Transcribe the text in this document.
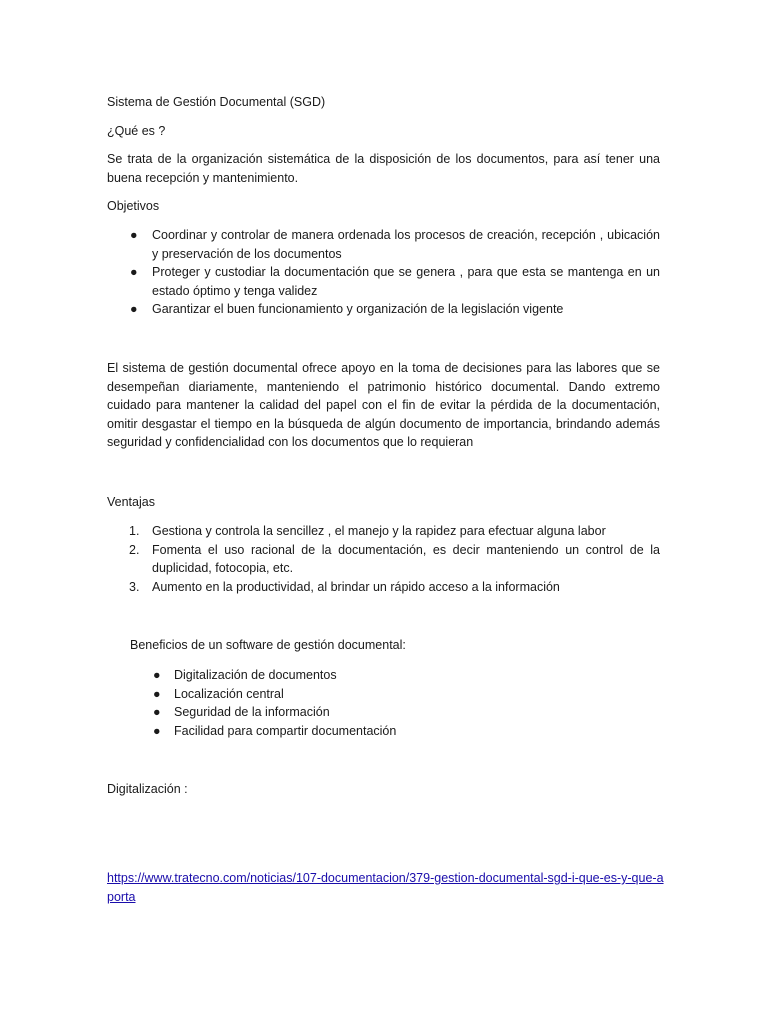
Sistema de Gestión Documental (SGD)

¿Qué es ?

Se trata de la organización sistemática de la disposición de los documentos, para así tener una buena recepción y mantenimiento.

Objetivos

● Coordinar y controlar de manera ordenada los procesos de creación, recepción , ubicación y preservación de los documentos
● Proteger y custodiar la documentación que se genera , para que esta se mantenga en un estado óptimo y tenga validez
● Garantizar el buen funcionamiento y organización de la legislación vigente

El sistema de gestión documental ofrece apoyo en la toma de decisiones para las labores que se desempeñan diariamente, manteniendo el patrimonio histórico documental. Dando extremo cuidado para mantener la calidad del papel con el fin de evitar la pérdida de la documentación, omitir desgastar el tiempo en la búsqueda de algún documento de importancia, brindando además seguridad y confidencialidad con los documentos que lo requieran

Ventajas

1. Gestiona y controla la sencillez , el manejo y la rapidez para efectuar alguna labor
2. Fomenta el uso racional de la documentación, es decir manteniendo un control de la duplicidad, fotocopia, etc.
3. Aumento en la productividad, al brindar un rápido acceso a la información

Beneficios de un software de gestión documental:

● Digitalización de documentos
● Localización central
● Seguridad de la información
● Facilidad para compartir documentación

Digitalización :

https://www.tratecno.com/noticias/107-documentacion/379-gestion-documental-sgd-i-que-es-y-que-aporta
